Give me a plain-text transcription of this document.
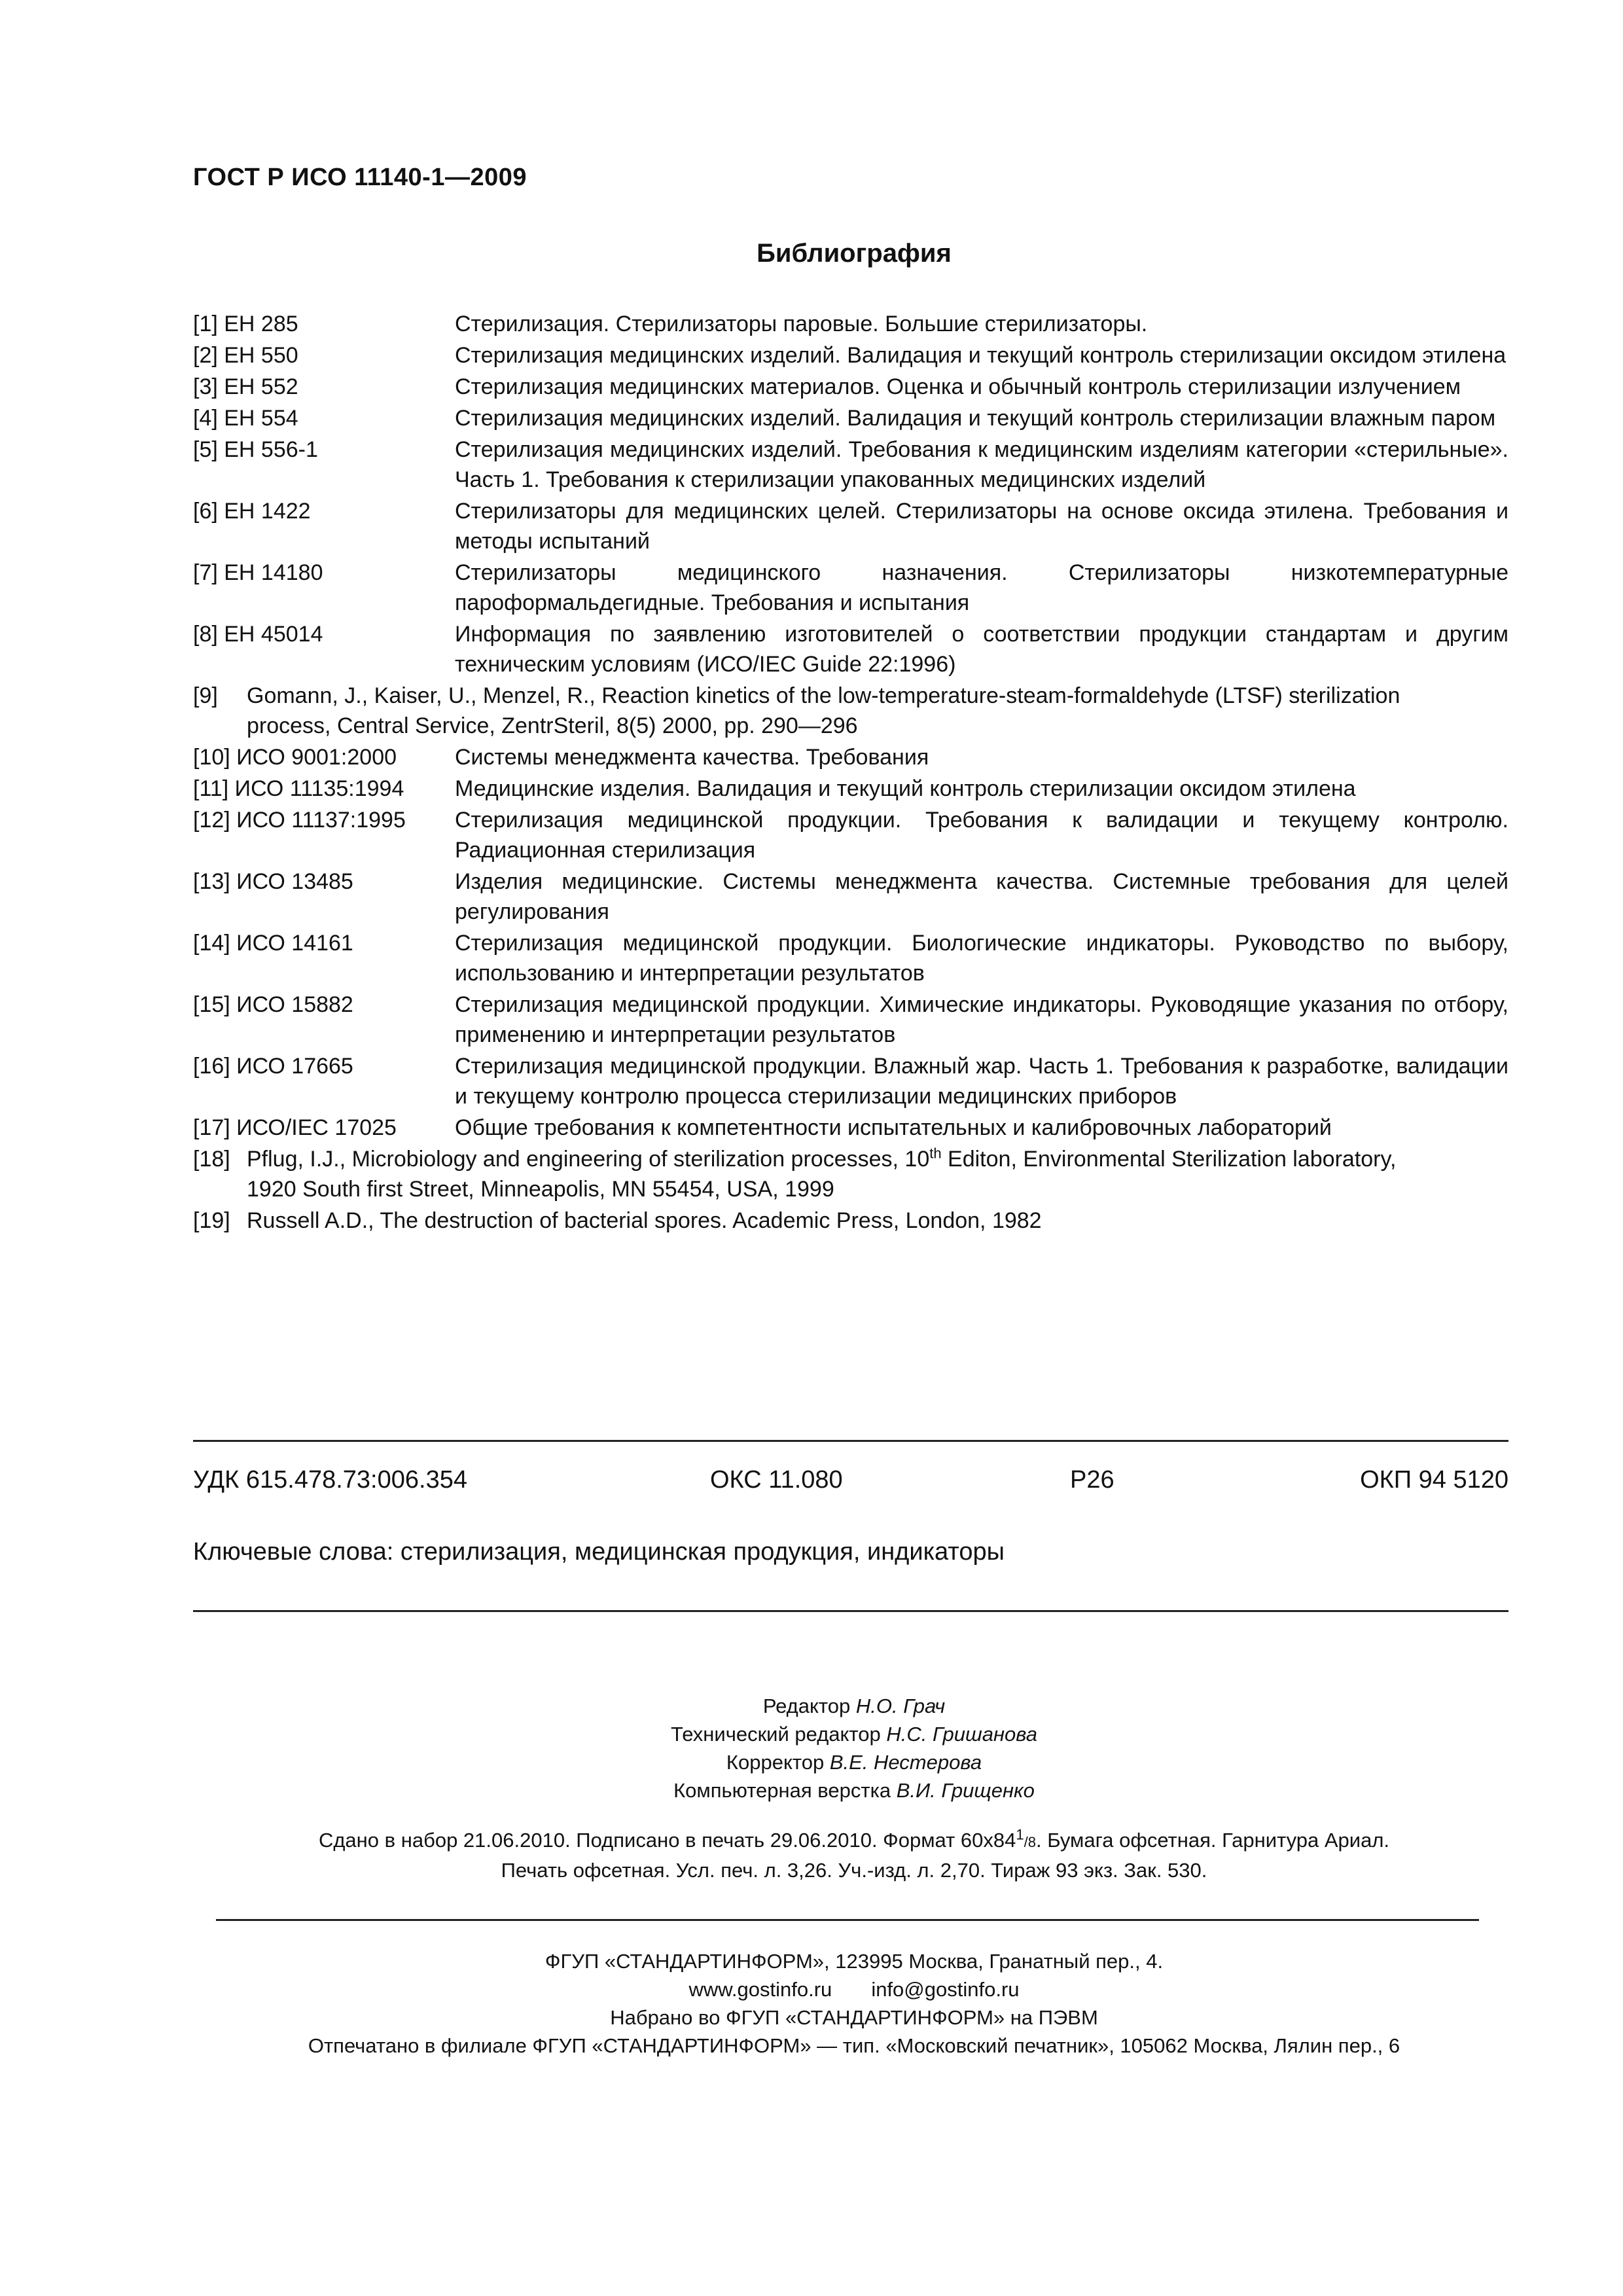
ГОСТ Р ИСО 11140-1—2009
Библиография
[1] ЕН 285	Стерилизация. Стерилизаторы паровые. Большие стерилизаторы.
[2] ЕН 550	Стерилизация медицинских изделий. Валидация и текущий контроль стерилизации оксидом этилена
[3] ЕН 552	Стерилизация медицинских материалов. Оценка и обычный контроль стерилизации излучением
[4] ЕН 554	Стерилизация медицинских изделий. Валидация и текущий контроль стерилизации влажным паром
[5] ЕН 556-1	Стерилизация медицинских изделий. Требования к медицинским изделиям категории «стерильные». Часть 1. Требования к стерилизации упакованных медицинских изделий
[6] ЕН 1422	Стерилизаторы для медицинских целей. Стерилизаторы на основе оксида этилена. Требования и методы испытаний
[7] ЕН 14180	Стерилизаторы медицинского назначения. Стерилизаторы низкотемпературные парoформальдегидные. Требования и испытания
[8] ЕН 45014	Информация по заявлению изготовителей о соответствии продукции стандартам и другим техническим условиям (ИСО/IEC Guide 22:1996)
[9] Gomann, J., Kaiser, U., Menzel, R., Reaction kinetics of the low-temperature-steam-formaldehyde (LTSF) sterilization
process, Central Service, ZentrSteril, 8(5) 2000, pp. 290—296
[10] ИСО 9001:2000	Системы менеджмента качества. Требования
[11] ИСО 11135:1994	Медицинские изделия. Валидация и текущий контроль стерилизации оксидом этилена
[12] ИСО 11137:1995	Стерилизация медицинской продукции. Требования к валидации и текущему контролю. Радиационная стерилизация
[13] ИСО 13485	Изделия медицинские. Системы менеджмента качества. Системные требования для целей регулирования
[14] ИСО 14161	Стерилизация медицинской продукции. Биологические индикаторы. Руководство по выбору, использованию и интерпретации результатов
[15] ИСО 15882	Стерилизация медицинской продукции. Химические индикаторы. Руководящие указания по отбору, применению и интерпретации результатов
[16] ИСО 17665	Стерилизация медицинской продукции. Влажный жар. Часть 1. Требования к разработке, валидации и текущему контролю процесса стерилизации медицинских приборов
[17] ИСО/IEC 17025	Общие требования к компетентности испытательных и калибровочных лабораторий
[18] Pflug, I.J., Microbiology and engineering of sterilization processes, 10th Editon, Environmental Sterilization laboratory,
1920 South first Street, Minneapolis, MN 55454, USA, 1999
[19] Russell A.D., The destruction of bacterial spores. Academic Press, London, 1982
УДК 615.478.73:006.354	ОКС 11.080	Р26	ОКП 94 5120
Ключевые слова: стерилизация, медицинская продукция, индикаторы
Редактор Н.О. Грач
Технический редактор Н.С. Гришанова
Корректор В.Е. Нестерова
Компьютерная верстка В.И. Грищенко
Сдано в набор 21.06.2010. Подписано в печать 29.06.2010. Формат $60x84^1/8$. Бумага офсетная. Гарнитура Ариал.
Печать офсетная. Усл. печ. л. 3,26. Уч.-изд. л. 2,70. Тираж 93 экз. Зак. 530.
ФГУП «СТАНДАРТИНФОРМ», 123995 Москва, Гранатный пер., 4.
www.gostinfo.ru info@gostinfo.ru
Набрано во ФГУП «СТАНДАРТИНФОРМ» на ПЭВМ
Отпечатано в филиале ФГУП «СТАНДАРТИНФОРМ» — тип. «Московский печатник», 105062 Москва, Лялин пер., 6
